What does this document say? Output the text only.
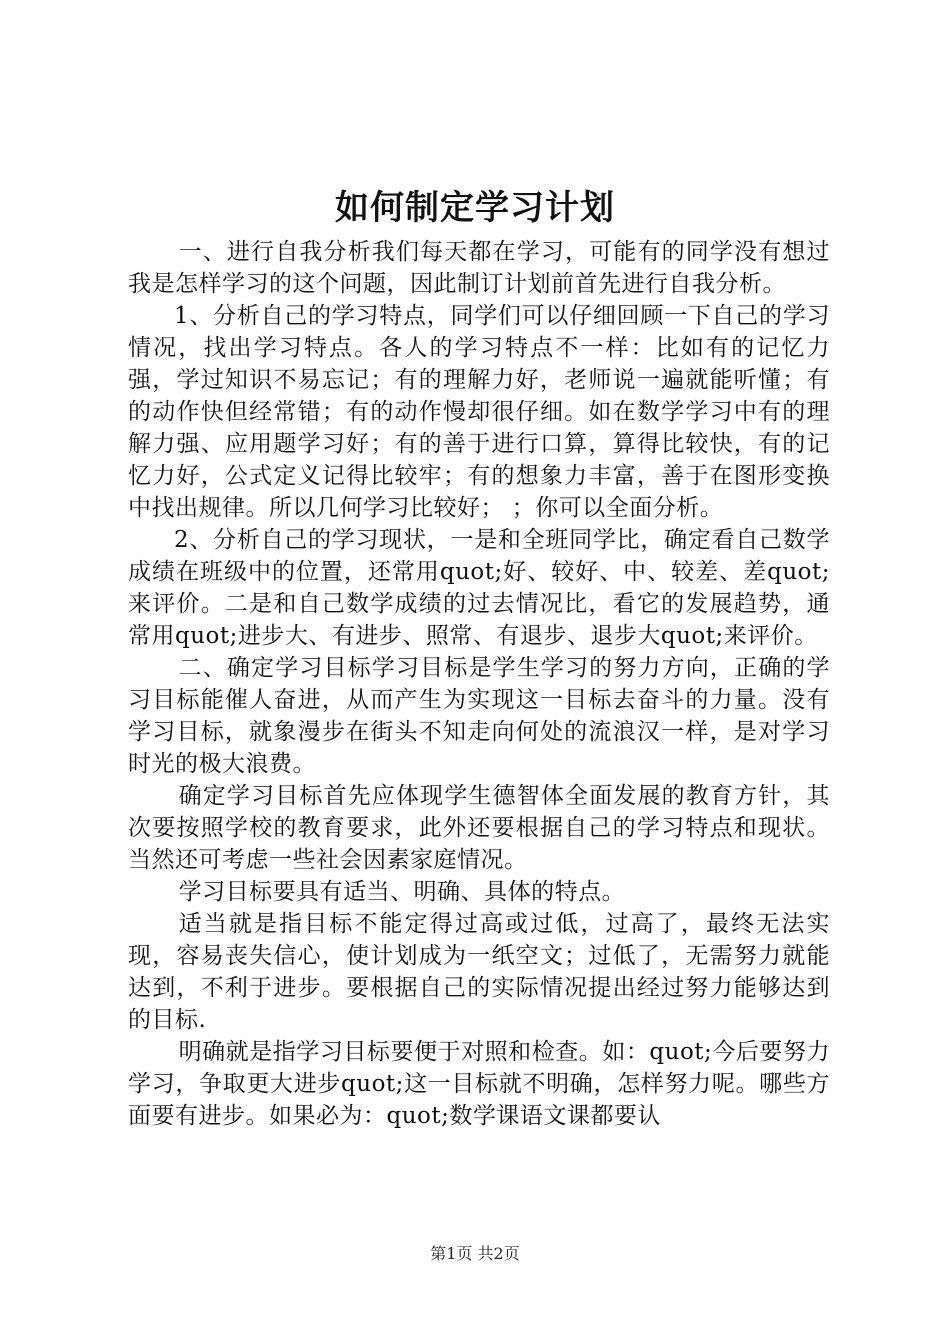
如何制定学习计划

一、进行自我分析我们每天都在学习，可能有的同学没有想过我是怎样学习的这个问题，因此制订计划前首先进行自我分析。

1、分析自己的学习特点，同学们可以仔细回顾一下自己的学习情况，找出学习特点。各人的学习特点不一样：比如有的记忆力强，学过知识不易忘记；有的理解力好，老师说一遍就能听懂；有的动作快但经常错；有的动作慢却很仔细。如在数学学习中有的理解力强、应用题学习好；有的善于进行口算，算得比较快，有的记忆力好，公式定义记得比较牢；有的想象力丰富，善于在图形变换中找出规律。所以几何学习比较好； ；你可以全面分析。

2、分析自己的学习现状，一是和全班同学比，确定看自己数学成绩在班级中的位置，还常用quot;好、较好、中、较差、差quot;来评价。二是和自己数学成绩的过去情况比，看它的发展趋势，通常用quot;进步大、有进步、照常、有退步、退步大quot;来评价。

二、确定学习目标学习目标是学生学习的努力方向，正确的学习目标能催人奋进，从而产生为实现这一目标去奋斗的力量。没有学习目标，就象漫步在街头不知走向何处的流浪汉一样，是对学习时光的极大浪费。

确定学习目标首先应体现学生德智体全面发展的教育方针，其次要按照学校的教育要求，此外还要根据自己的学习特点和现状。当然还可考虑一些社会因素家庭情况。

学习目标要具有适当、明确、具体的特点。

适当就是指目标不能定得过高或过低，过高了，最终无法实现，容易丧失信心，使计划成为一纸空文；过低了，无需努力就能达到，不利于进步。要根据自己的实际情况提出经过努力能够达到的目标.

明确就是指学习目标要便于对照和检查。如：quot;今后要努力学习，争取更大进步quot;这一目标就不明确，怎样努力呢。哪些方面要有进步。如果必为：quot;数学课语文课都要认

第1页 共2页
